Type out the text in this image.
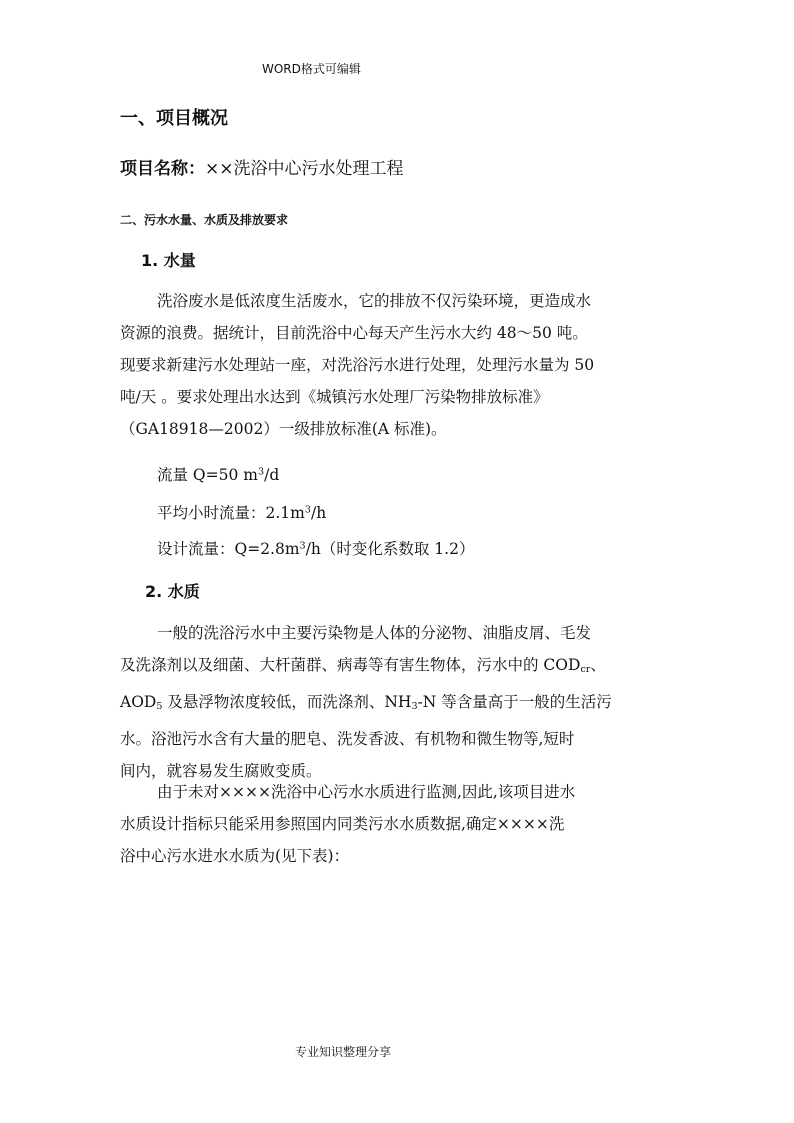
WORD格式可编辑
一、项目概况
项目名称：××洗浴中心污水处理工程
二、污水水量、水质及排放要求
1. 水量
洗浴废水是低浓度生活废水，它的排放不仅污染环境，更造成水
资源的浪费。据统计，目前洗浴中心每天产生污水大约 48～50 吨。
现要求新建污水处理站一座，对洗浴污水进行处理，处理污水量为 50
吨/天 。要求处理出水达到《城镇污水处理厂污染物排放标准》
（GA18918—2002）一级排放标准(A 标准)。
流量 Q=50 $m^3/d$
平均小时流量：$2.1m^3/h$
设计流量：$Q=2.8m^3/h$（时变化系数取 1.2）
2. 水质
一般的洗浴污水中主要污染物是人体的分泌物、油脂皮屑、毛发
及洗涤剂以及细菌、大杆菌群、病毒等有害生物体，污水中的 $COD_{cr}$、
$AOD_5$ 及悬浮物浓度较低，而洗涤剂、$NH_3-N$ 等含量高于一般的生活污
水。浴池污水含有大量的肥皂、洗发香波、有机物和微生物等,短时
间内，就容易发生腐败变质。
由于未对××××洗浴中心污水水质进行监测,因此,该项目进水
水质设计指标只能采用参照国内同类污水水质数据,确定××××洗
浴中心污水进水水质为(见下表)：
专业知识整理分享
